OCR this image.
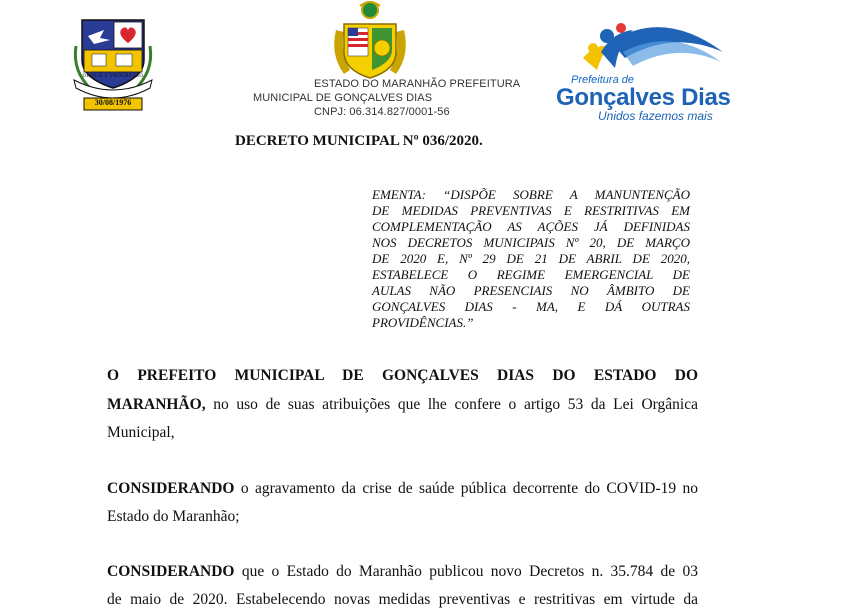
ORDEM E PROGRESSO
30/08/1976
ESTADO DO MARANHÃO PREFEITURA
MUNICIPAL DE GONÇALVES DIAS
CNPJ: 06.314.827/0001-56
Prefeitura de
Gonçalves Dias
Unidos fazemos mais
DECRETO MUNICIPAL Nº 036/2020.
EMENTA: “DISPÕE SOBRE A MANUNTENÇÃO
DE MEDIDAS PREVENTIVAS E RESTRITIVAS EM
COMPLEMENTAÇÃO AS AÇÕES JÁ DEFINIDAS
NOS DECRETOS MUNICIPAIS Nº 20, DE MARÇO
DE 2020 E, Nº 29 DE 21 DE ABRIL DE 2020,
ESTABELECE O REGIME EMERGENCIAL DE
AULAS NÃO PRESENCIAIS NO ÂMBITO DE
GONÇALVES DIAS - MA, E DÁ OUTRAS
PROVIDÊNCIAS.”
O PREFEITO MUNICIPAL DE GONÇALVES DIAS DO ESTADO DO
MARANHÃO, no uso de suas atribuições que lhe confere o artigo 53 da Lei Orgânica
Municipal,
CONSIDERANDO o agravamento da crise de saúde pública decorrente do COVID-19 no
Estado do Maranhão;
CONSIDERANDO que o Estado do Maranhão publicou novo Decretos n. 35.784 de 03
de maio de 2020. Estabelecendo novas medidas preventivas e restritivas em virtude da
